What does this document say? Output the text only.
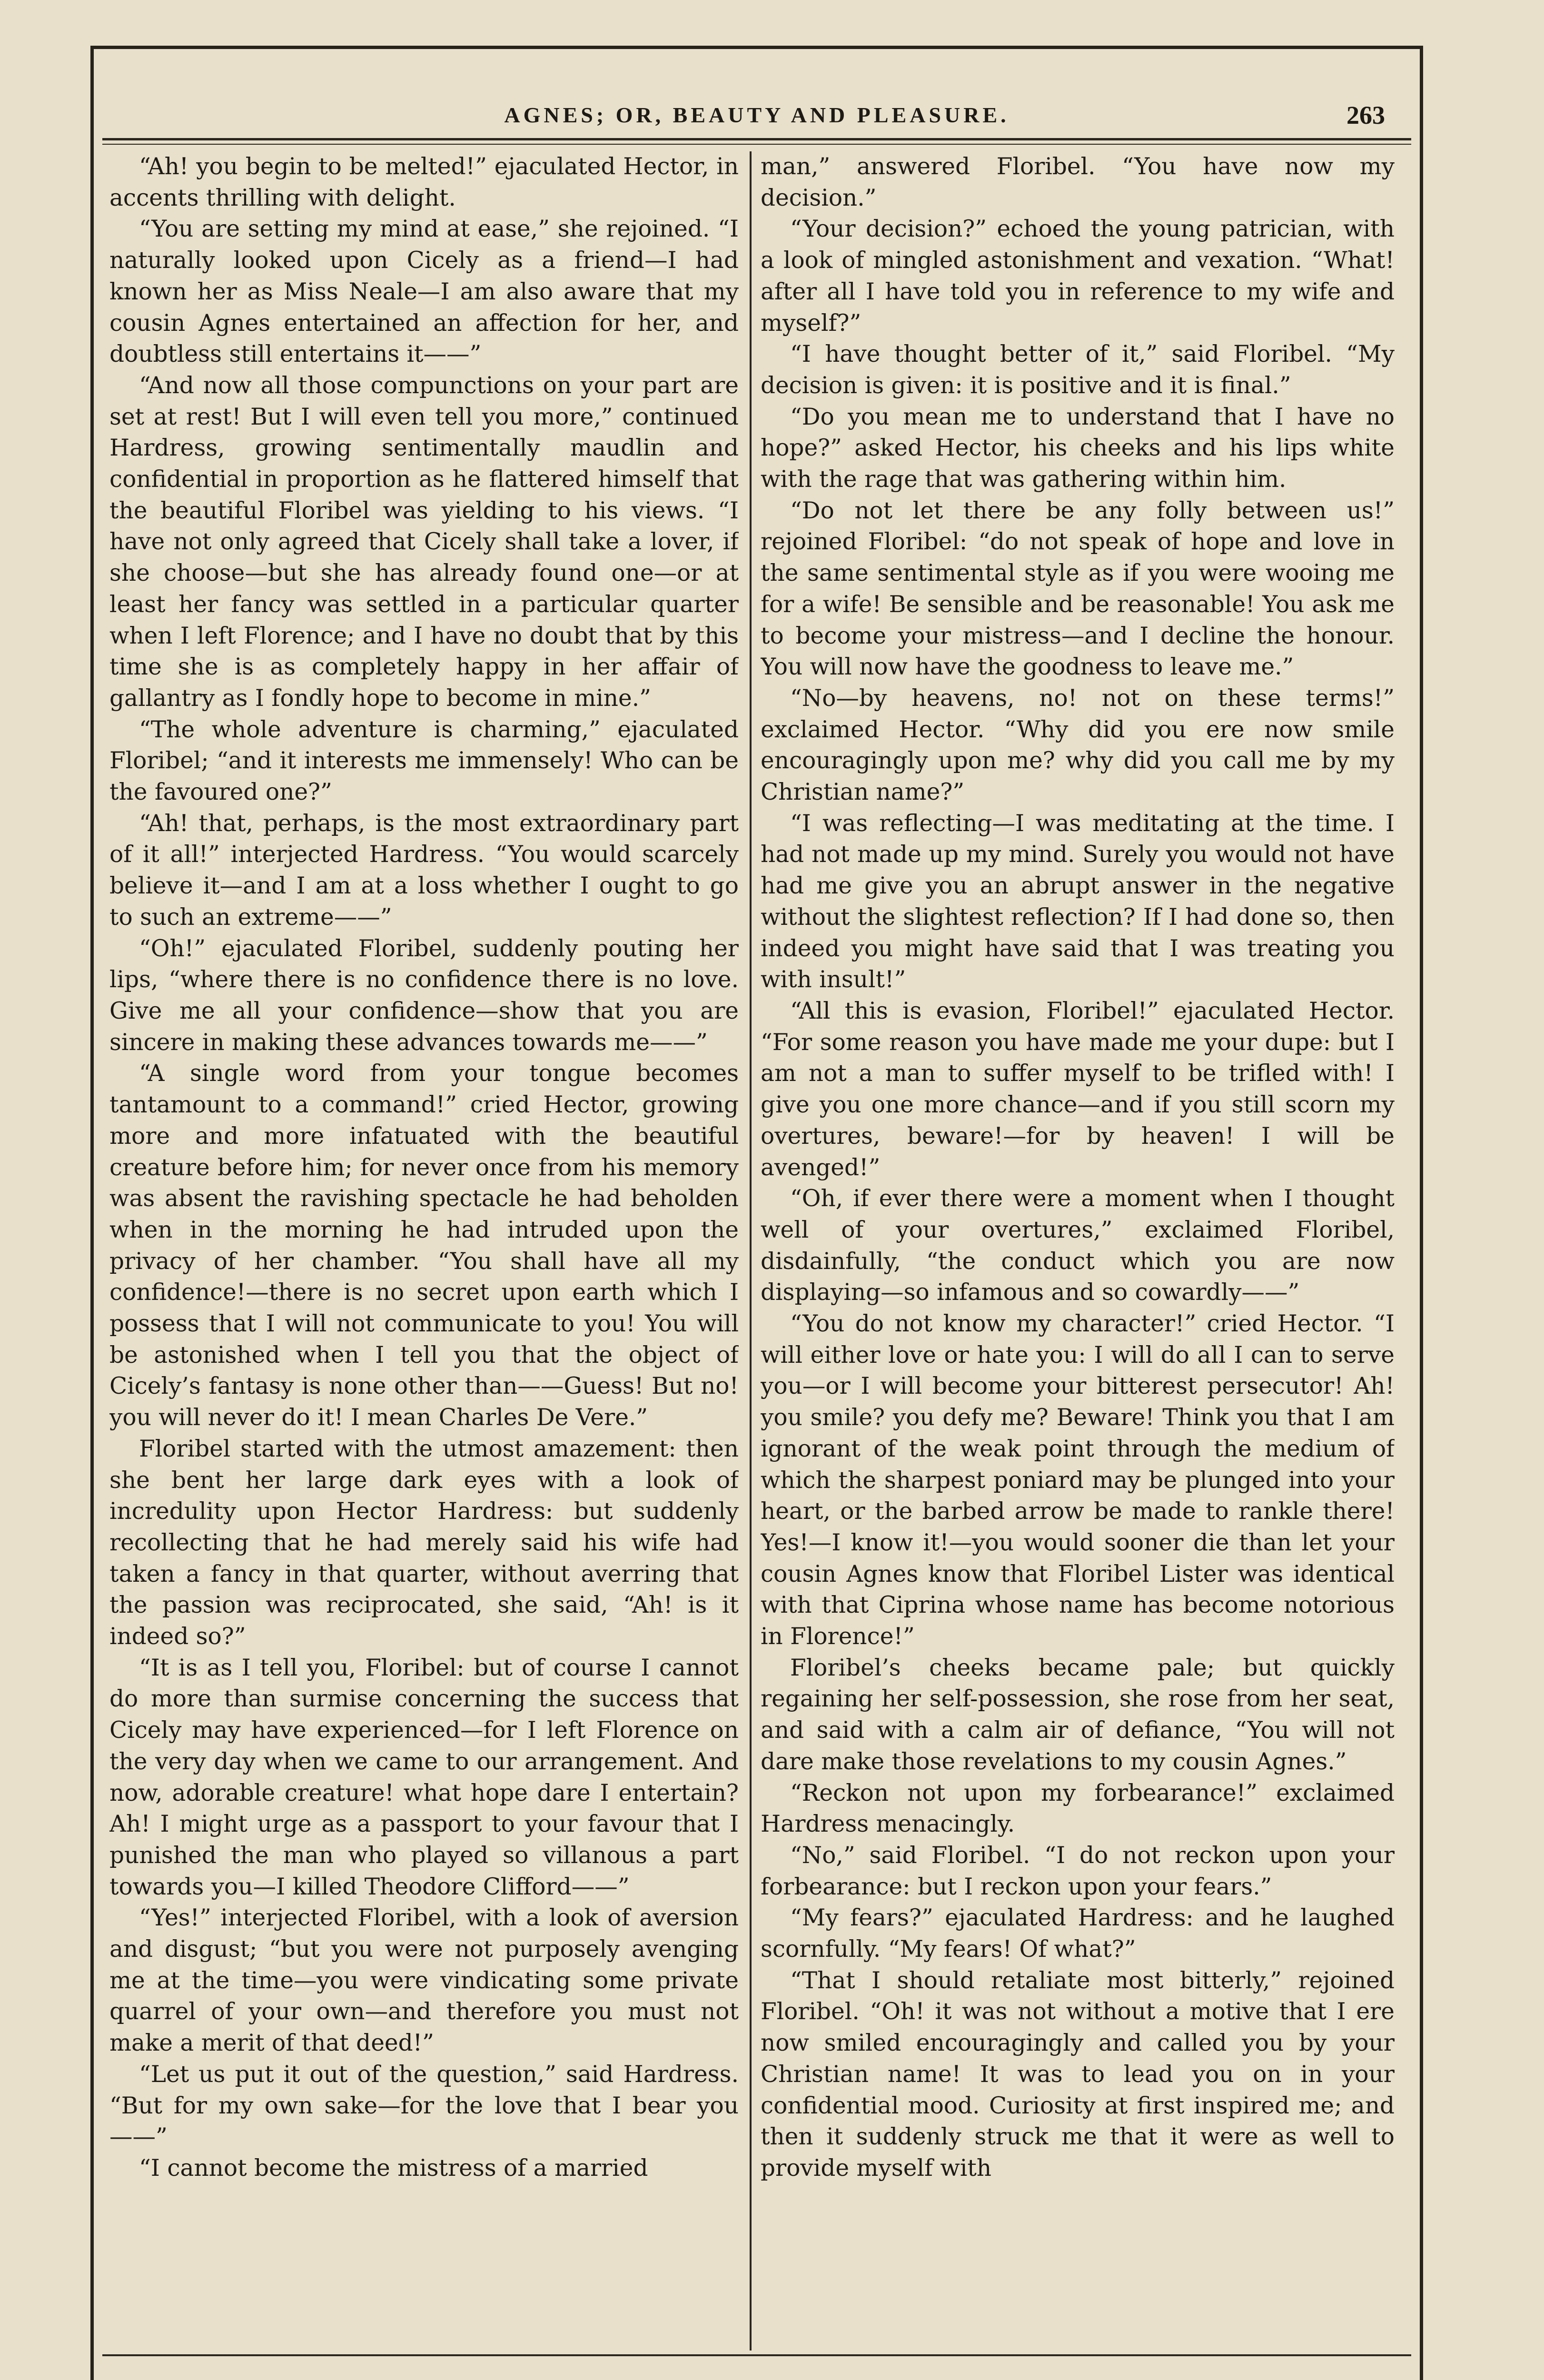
AGNES; OR, BEAUTY AND PLEASURE.	263

“Ah! you begin to be melted!” ejaculated Hector, in accents thrilling with delight.

“You are setting my mind at ease,” she rejoined. “I naturally looked upon Cicely as a friend—I had known her as Miss Neale—I am also aware that my cousin Agnes entertained an affection for her, and doubtless still entertains it——”

“And now all those compunctions on your part are set at rest! But I will even tell you more,” continued Hardress, growing sentimentally maudlin and confidential in proportion as he flattered himself that the beautiful Floribel was yielding to his views. “I have not only agreed that Cicely shall take a lover, if she choose—but she has already found one—or at least her fancy was settled in a particular quarter when I left Florence; and I have no doubt that by this time she is as completely happy in her affair of gallantry as I fondly hope to become in mine.”

“The whole adventure is charming,” ejaculated Floribel; “and it interests me immensely! Who can be the favoured one?”

“Ah! that, perhaps, is the most extraordinary part of it all!” interjected Hardress. “You would scarcely believe it—and I am at a loss whether I ought to go to such an extreme——”

“Oh!” ejaculated Floribel, suddenly pouting her lips, “where there is no confidence there is no love. Give me all your confidence—show that you are sincere in making these advances towards me——”

“A single word from your tongue becomes tantamount to a command!” cried Hector, growing more and more infatuated with the beautiful creature before him; for never once from his memory was absent the ravishing spectacle he had beholden when in the morning he had intruded upon the privacy of her chamber. “You shall have all my confidence!—there is no secret upon earth which I possess that I will not communicate to you! You will be astonished when I tell you that the object of Cicely’s fantasy is none other than——Guess! But no! you will never do it! I mean Charles De Vere.”

Floribel started with the utmost amazement: then she bent her large dark eyes with a look of incredulity upon Hector Hardress: but suddenly recollecting that he had merely said his wife had taken a fancy in that quarter, without averring that the passion was reciprocated, she said, “Ah! is it indeed so?”

“It is as I tell you, Floribel: but of course I cannot do more than surmise concerning the success that Cicely may have experienced—for I left Florence on the very day when we came to our arrangement. And now, adorable creature! what hope dare I entertain? Ah! I might urge as a passport to your favour that I punished the man who played so villanous a part towards you—I killed Theodore Clifford——”

“Yes!” interjected Floribel, with a look of aversion and disgust; “but you were not purposely avenging me at the time—you were vindicating some private quarrel of your own—and therefore you must not make a merit of that deed!”

“Let us put it out of the question,” said Hardress. “But for my own sake—for the love that I bear you——”

“I cannot become the mistress of a married

man,” answered Floribel. “You have now my decision.”

“Your decision?” echoed the young patrician, with a look of mingled astonishment and vexation. “What! after all I have told you in reference to my wife and myself?”

“I have thought better of it,” said Floribel. “My decision is given: it is positive and it is final.”

“Do you mean me to understand that I have no hope?” asked Hector, his cheeks and his lips white with the rage that was gathering within him.

“Do not let there be any folly between us!” rejoined Floribel: “do not speak of hope and love in the same sentimental style as if you were wooing me for a wife! Be sensible and be reasonable! You ask me to become your mistress—and I decline the honour. You will now have the goodness to leave me.”

“No—by heavens, no! not on these terms!” exclaimed Hector. “Why did you ere now smile encouragingly upon me? why did you call me by my Christian name?”

“I was reflecting—I was meditating at the time. I had not made up my mind. Surely you would not have had me give you an abrupt answer in the negative without the slightest reflection? If I had done so, then indeed you might have said that I was treating you with insult!”

“All this is evasion, Floribel!” ejaculated Hector. “For some reason you have made me your dupe: but I am not a man to suffer myself to be trifled with! I give you one more chance—and if you still scorn my overtures, beware!—for by heaven! I will be avenged!”

“Oh, if ever there were a moment when I thought well of your overtures,” exclaimed Floribel, disdainfully, “the conduct which you are now displaying—so infamous and so cowardly——”

“You do not know my character!” cried Hector. “I will either love or hate you: I will do all I can to serve you—or I will become your bitterest persecutor! Ah! you smile? you defy me? Beware! Think you that I am ignorant of the weak point through the medium of which the sharpest poniard may be plunged into your heart, or the barbed arrow be made to rankle there! Yes!—I know it!—you would sooner die than let your cousin Agnes know that Floribel Lister was identical with that Ciprina whose name has become notorious in Florence!”

Floribel’s cheeks became pale; but quickly regaining her self-possession, she rose from her seat, and said with a calm air of defiance, “You will not dare make those revelations to my cousin Agnes.”

“Reckon not upon my forbearance!” exclaimed Hardress menacingly.

“No,” said Floribel. “I do not reckon upon your forbearance: but I reckon upon your fears.”

“My fears?” ejaculated Hardress: and he laughed scornfully. “My fears! Of what?”

“That I should retaliate most bitterly,” rejoined Floribel. “Oh! it was not without a motive that I ere now smiled encouragingly and called you by your Christian name! It was to lead you on in your confidential mood. Curiosity at first inspired me; and then it suddenly struck me that it were as well to provide myself with
